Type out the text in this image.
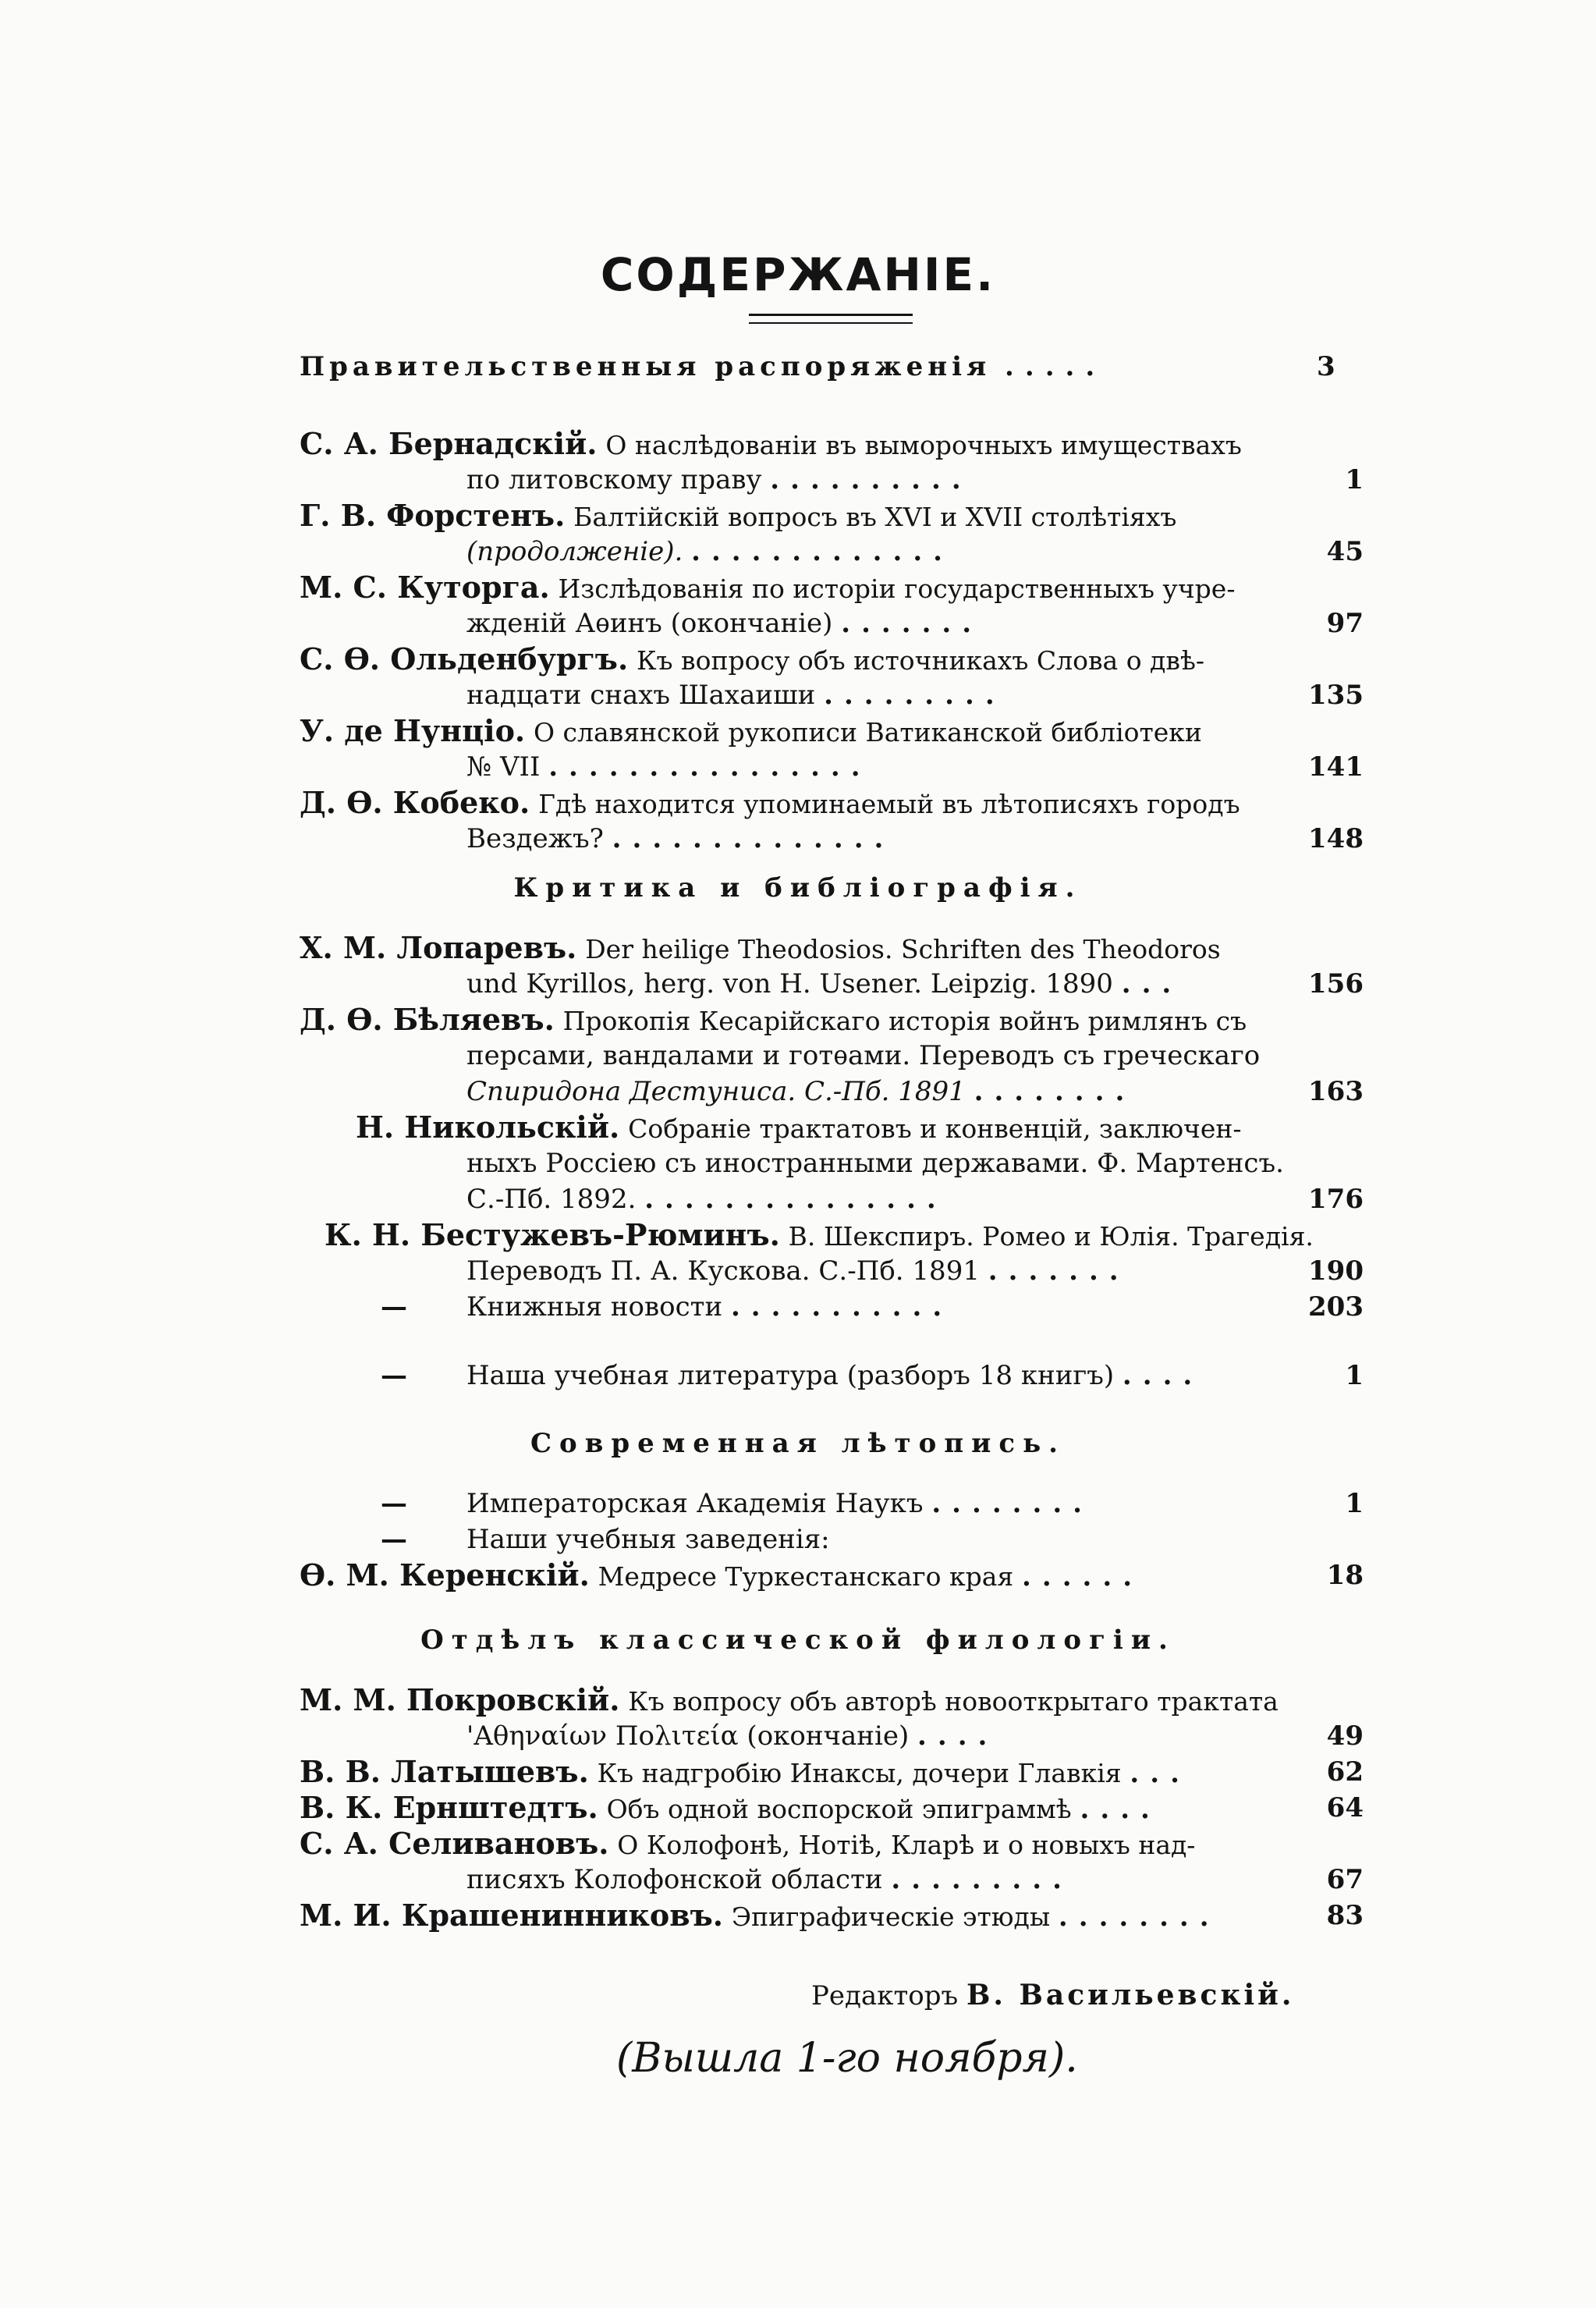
СОДЕРЖАНІЕ.
Правительственныя распоряженія .....	3
С. А. Бернадскій. О наслѣдованіи въ выморочныхъ имуществахъ
по литовскому праву ..........	1
Г. В. Форстенъ. Балтійскій вопросъ въ XVI и XVII столѣтіяхъ
(продолженіе). .............	45
М. С. Куторга. Изслѣдованія по исторіи государственныхъ учре-
жденій Аѳинъ (окончаніе) .......	97
С. Ѳ. Ольденбургъ. Къ вопросу объ источникахъ Слова о двѣ-
надцати снахъ Шахаиши .........	135
У. де Нунціо. О славянской рукописи Ватиканской библіотеки
№ VII ................	141
Д. Ѳ. Кобеко. Гдѣ находится упоминаемый въ лѣтописяхъ городъ
Вездежъ? ..............	148
Критика и библіографія.
Х. М. Лопаревъ. Der heilige Theodosios. Schriften des Theodoros
und Kyrillos, herg. von H. Usener. Leipzig. 1890 ...	156
Д. Ѳ. Бѣляевъ. Прокопія Кесарійскаго исторія войнъ римлянъ съ
персами, вандалами и готѳами. Переводъ съ греческаго
Спиридона Дестуниса. С.-Пб. 1891 ........	163
Н. Никольскій. Собраніе трактатовъ и конвенцій, заключен-
ныхъ Россіею съ иностранными державами. Ф. Мартенсъ.
С.-Пб. 1892. ...............	176
К. Н. Бестужевъ-Рюминъ. В. Шекспиръ. Ромео и Юлія. Трагедія.
Переводъ П. А. Кускова. С.-Пб. 1891 .......	190
— Книжныя новости ...........	203
— Наша учебная литература (разборъ 18 книгъ) ....	1
Современная лѣтопись.
— Императорская Академія Наукъ ........	1
— Наши учебныя заведенія:
Ѳ. М. Керенскій. Медресе Туркестанскаго края ......	18
Отдѣлъ классической филологіи.
М. М. Покровскій. Къ вопросу объ авторѣ новооткрытаго трактата
'Αθηναίων Πολιτεία (окончаніе) ....	49
В. В. Латышевъ. Къ надгробію Инаксы, дочери Главкія ...	62
В. К. Ернштедтъ. Объ одной воспорской эпиграммѣ ....	64
С. А. Селивановъ. О Колофонѣ, Нотіѣ, Кларѣ и о новыхъ над-
писяхъ Колофонской области .........	67
М. И. Крашенинниковъ. Эпиграфическіе этюды ........	83
Редакторъ В. Васильевскій.
(Вышла 1-го ноября).
